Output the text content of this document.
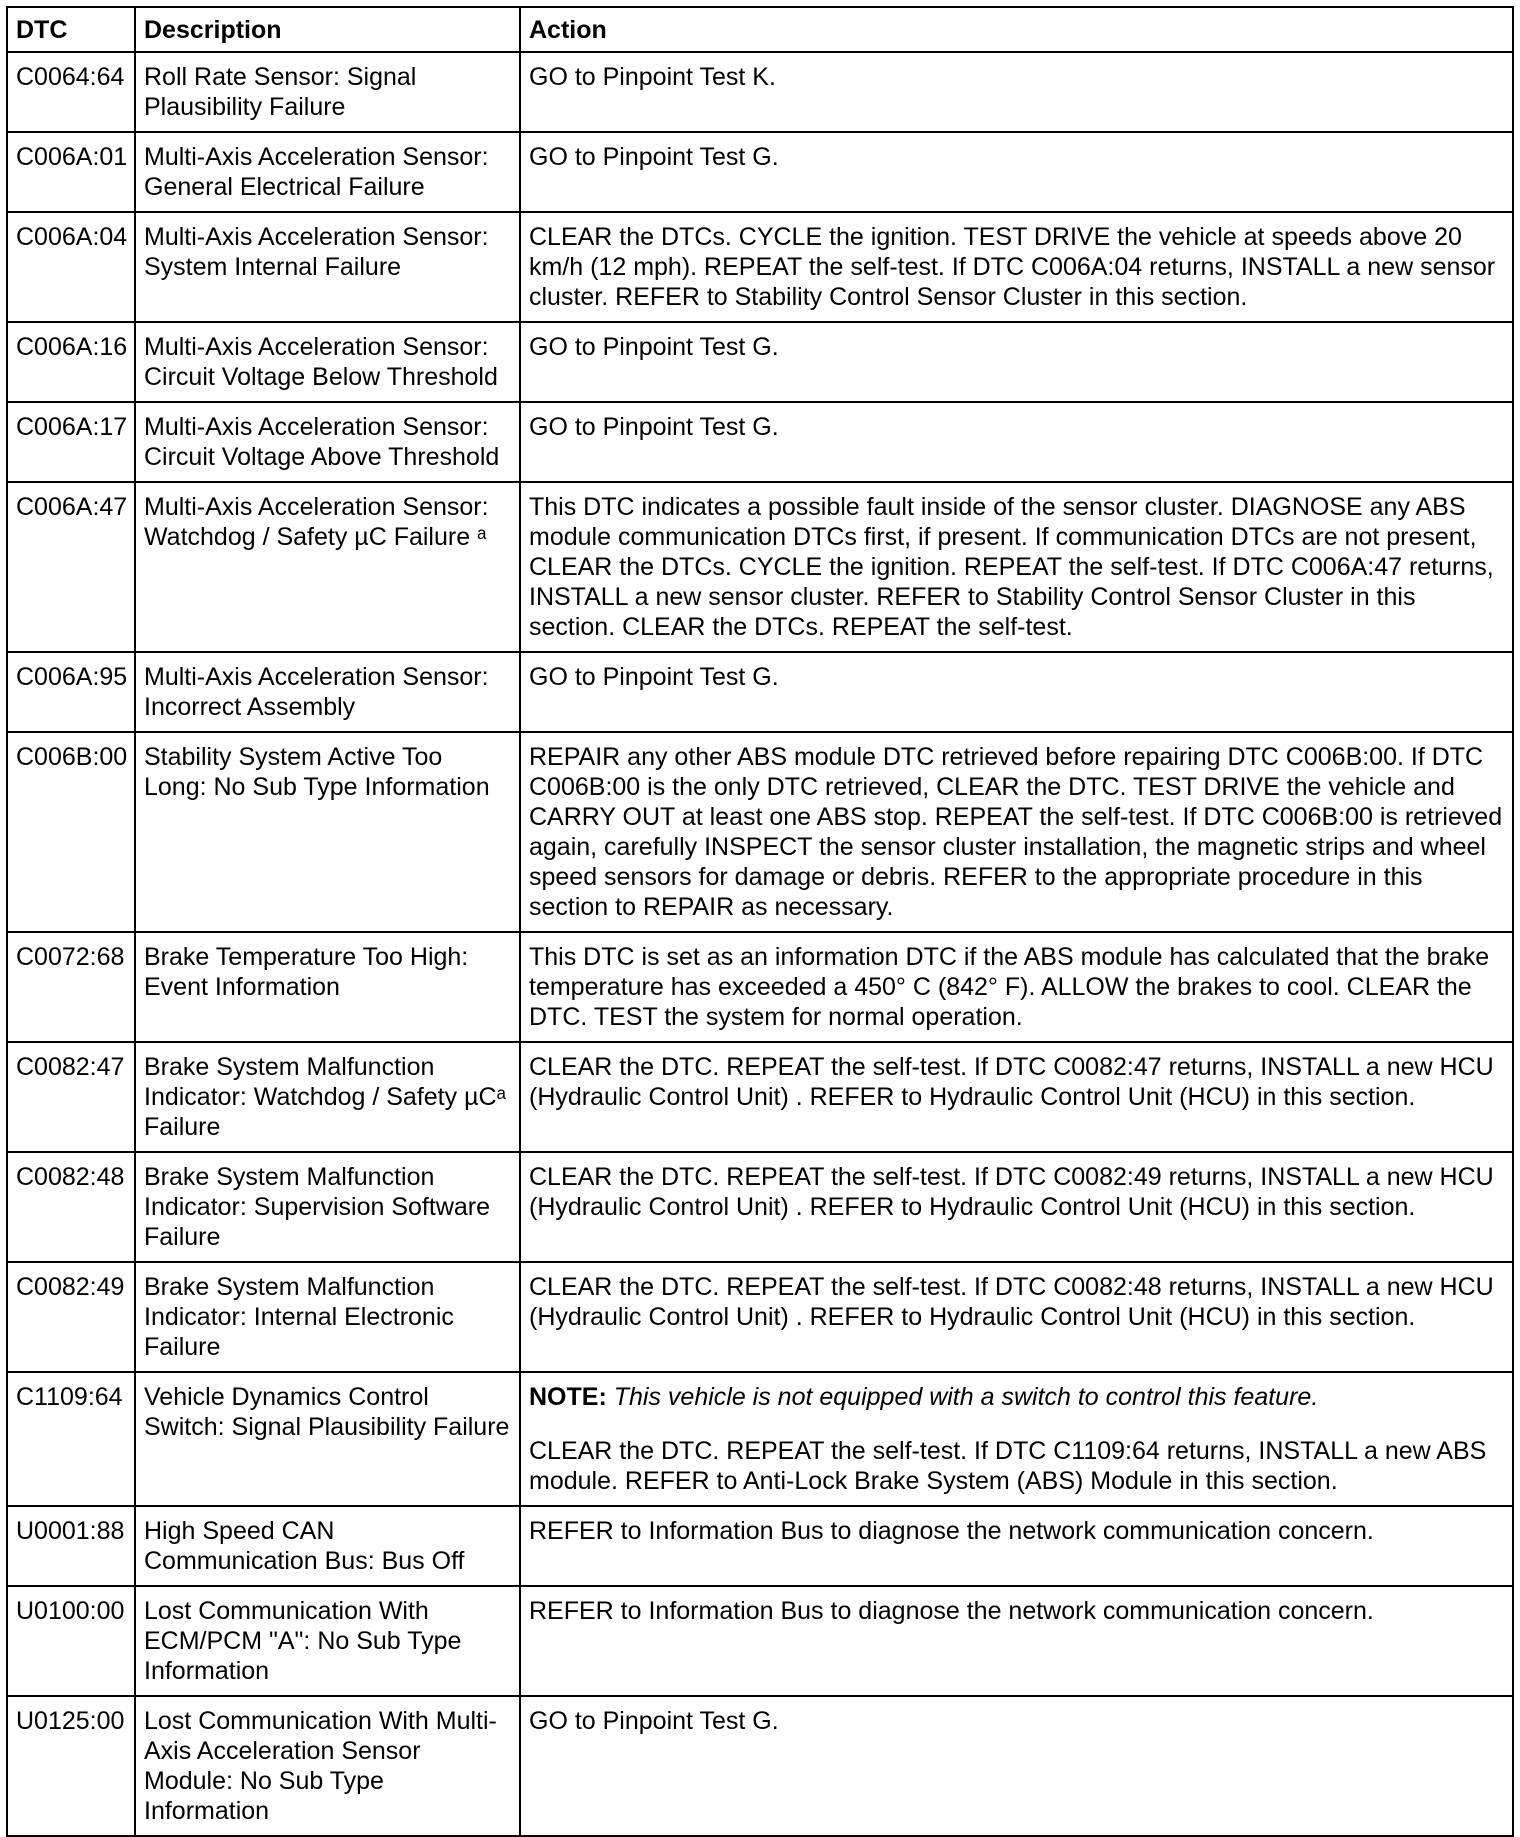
DTC	Description	Action
C0064:64	Roll Rate Sensor: Signal Plausibility Failure	GO to Pinpoint Test K.

C006A:01	Multi-Axis Acceleration Sensor: General Electrical Failure	GO to Pinpoint Test G.

C006A:04	Multi-Axis Acceleration Sensor: System Internal Failure	CLEAR the DTCs. CYCLE the ignition. TEST DRIVE the vehicle at speeds above 20 km/h (12 mph). REPEAT the self-test. If DTC C006A:04 returns, INSTALL a new sensor cluster. REFER to Stability Control Sensor Cluster in this section.

C006A:16	Multi-Axis Acceleration Sensor: Circuit Voltage Below Threshold	GO to Pinpoint Test G.

C006A:17	Multi-Axis Acceleration Sensor: Circuit Voltage Above Threshold	GO to Pinpoint Test G.

C006A:47	Multi-Axis Acceleration Sensor: Watchdog / Safety µC Failure ᵃ	This DTC indicates a possible fault inside of the sensor cluster. DIAGNOSE any ABS module communication DTCs first, if present. If communication DTCs are not present, CLEAR the DTCs. CYCLE the ignition. REPEAT the self-test. If DTC C006A:47 returns, INSTALL a new sensor cluster. REFER to Stability Control Sensor Cluster in this section. CLEAR the DTCs. REPEAT the self-test.

C006A:95	Multi-Axis Acceleration Sensor: Incorrect Assembly	GO to Pinpoint Test G.

C006B:00	Stability System Active Too Long: No Sub Type Information	REPAIR any other ABS module DTC retrieved before repairing DTC C006B:00. If DTC C006B:00 is the only DTC retrieved, CLEAR the DTC. TEST DRIVE the vehicle and CARRY OUT at least one ABS stop. REPEAT the self-test. If DTC C006B:00 is retrieved again, carefully INSPECT the sensor cluster installation, the magnetic strips and wheel speed sensors for damage or debris. REFER to the appropriate procedure in this section to REPAIR as necessary.

C0072:68	Brake Temperature Too High: Event Information	This DTC is set as an information DTC if the ABS module has calculated that the brake temperature has exceeded a 450° C (842° F). ALLOW the brakes to cool. CLEAR the DTC. TEST the system for normal operation.

C0082:47	Brake System Malfunction Indicator: Watchdog / Safety µCᵃ Failure	CLEAR the DTC. REPEAT the self-test. If DTC C0082:47 returns, INSTALL a new HCU (Hydraulic Control Unit) . REFER to Hydraulic Control Unit (HCU) in this section.

C0082:48	Brake System Malfunction Indicator: Supervision Software Failure	CLEAR the DTC. REPEAT the self-test. If DTC C0082:49 returns, INSTALL a new HCU (Hydraulic Control Unit) . REFER to Hydraulic Control Unit (HCU) in this section.

C0082:49	Brake System Malfunction Indicator: Internal Electronic Failure	CLEAR the DTC. REPEAT the self-test. If DTC C0082:48 returns, INSTALL a new HCU (Hydraulic Control Unit) . REFER to Hydraulic Control Unit (HCU) in this section.

C1109:64	Vehicle Dynamics Control Switch: Signal Plausibility Failure	NOTE: This vehicle is not equipped with a switch to control this feature.
CLEAR the DTC. REPEAT the self-test. If DTC C1109:64 returns, INSTALL a new ABS module. REFER to Anti-Lock Brake System (ABS) Module in this section.

U0001:88	High Speed CAN Communication Bus: Bus Off	REFER to Information Bus to diagnose the network communication concern.

U0100:00	Lost Communication With ECM/PCM "A": No Sub Type Information	REFER to Information Bus to diagnose the network communication concern.

U0125:00	Lost Communication With Multi-Axis Acceleration Sensor Module: No Sub Type Information	GO to Pinpoint Test G.
